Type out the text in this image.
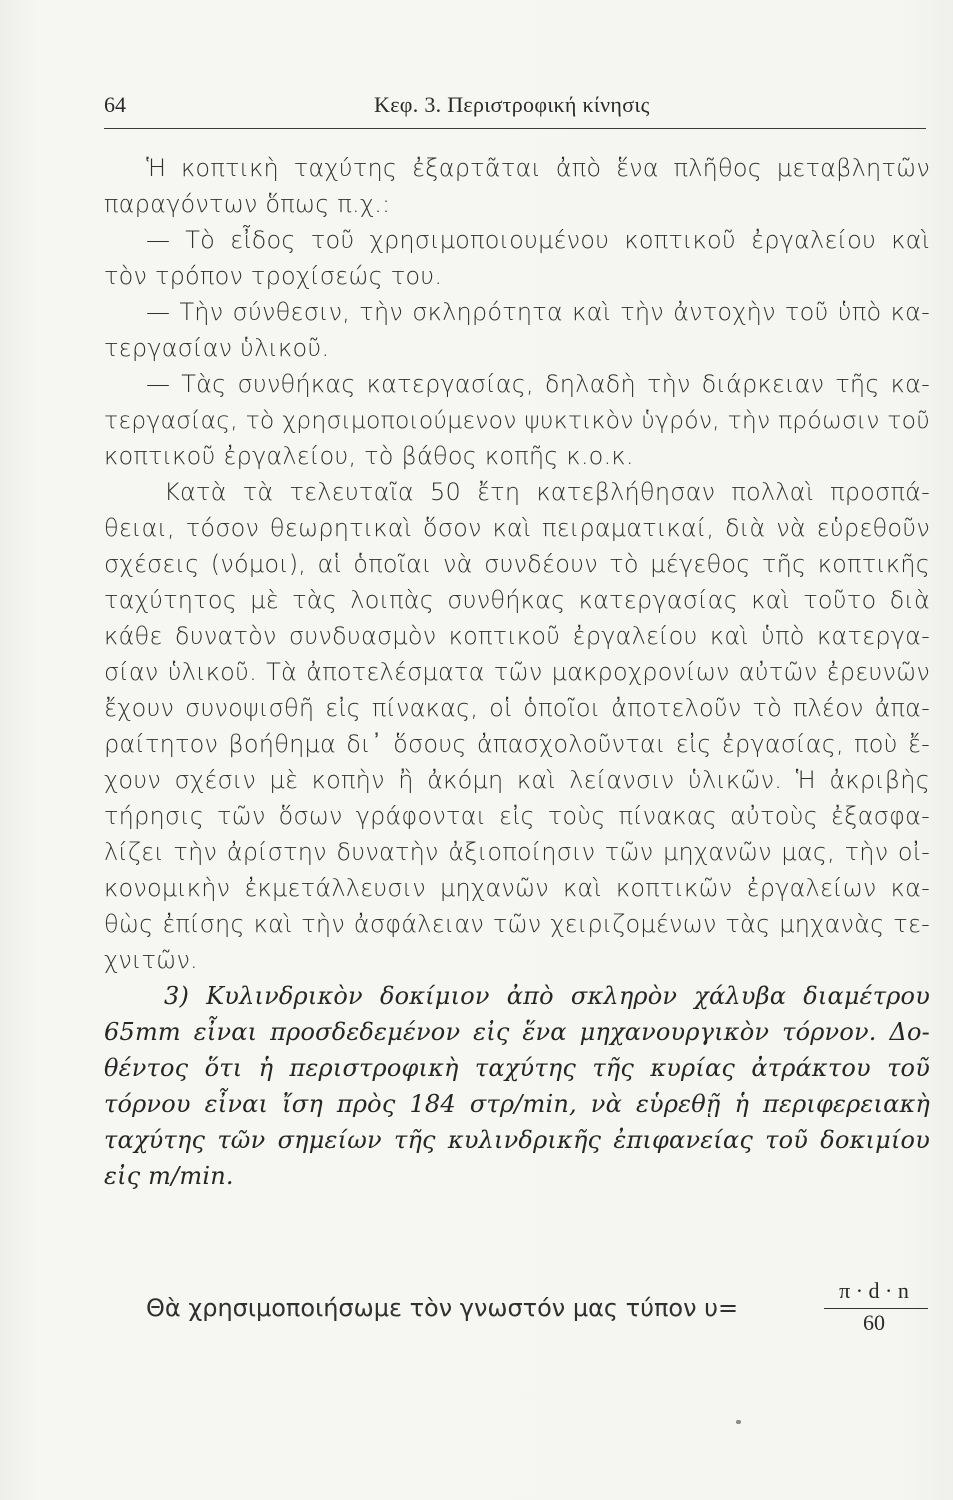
64	Κεφ. 3. Περιστροφική κίνησις
Ἡ κοπτικὴ ταχύτης ἐξαρτᾶται ἀπὸ ἕνα πλῆθος μεταβλητῶν
παραγόντων ὅπως π.χ.:
— Τὸ εἶδος τοῦ χρησιμοποιουμένου κοπτικοῦ ἐργαλείου καὶ
τὸν τρόπον τροχίσεώς του.
— Τὴν σύνθεσιν, τὴν σκληρότητα καὶ τὴν ἀντοχὴν τοῦ ὑπὸ κα-
τεργασίαν ὑλικοῦ.
— Τὰς συνθήκας κατεργασίας, δηλαδὴ τὴν διάρκειαν τῆς κα-
τεργασίας, τὸ χρησιμοποιούμενον ψυκτικὸν ὑγρόν, τὴν πρόωσιν τοῦ
κοπτικοῦ ἐργαλείου, τὸ βάθος κοπῆς κ.ο.κ.
Κατὰ τὰ τελευταῖα 50 ἔτη κατεβλήθησαν πολλαὶ προσπά-
θειαι, τόσον θεωρητικαὶ ὅσον καὶ πειραματικαί, διὰ νὰ εὑρεθοῦν
σχέσεις (νόμοι), αἱ ὁποῖαι νὰ συνδέουν τὸ μέγεθος τῆς κοπτικῆς
ταχύτητος μὲ τὰς λοιπὰς συνθήκας κατεργασίας καὶ τοῦτο διὰ
κάθε δυνατὸν συνδυασμὸν κοπτικοῦ ἐργαλείου καὶ ὑπὸ κατεργα-
σίαν ὑλικοῦ. Τὰ ἀποτελέσματα τῶν μακροχρονίων αὐτῶν ἐρευνῶν
ἔχουν συνοψισθῆ εἰς πίνακας, οἱ ὁποῖοι ἀποτελοῦν τὸ πλέον ἀπα-
ραίτητον βοήθημα δι᾿ ὅσους ἀπασχολοῦνται εἰς ἐργασίας, ποὺ ἔ-
χουν σχέσιν μὲ κοπὴν ἢ ἀκόμη καὶ λείανσιν ὑλικῶν. Ἡ ἀκριβὴς
τήρησις τῶν ὅσων γράφονται εἰς τοὺς πίνακας αὐτοὺς ἐξασφα-
λίζει τὴν ἀρίστην δυνατὴν ἀξιοποίησιν τῶν μηχανῶν μας, τὴν οἰ-
κονομικὴν ἐκμετάλλευσιν μηχανῶν καὶ κοπτικῶν ἐργαλείων κα-
θὼς ἐπίσης καὶ τὴν ἀσφάλειαν τῶν χειριζομένων τὰς μηχανὰς τε-
χνιτῶν.
3) Κυλινδρικὸν δοκίμιον ἀπὸ σκληρὸν χάλυβα διαμέτρου
65mm εἶναι προσδεδεμένον εἰς ἕνα μηχανουργικὸν τόρνον. Δο-
θέντος ὅτι ἡ περιστροφικὴ ταχύτης τῆς κυρίας ἀτράκτου τοῦ
τόρνου εἶναι ἴση πρὸς 184 στρ/min, νὰ εὑρεθῇ ἡ περιφερειακὴ
ταχύτης τῶν σημείων τῆς κυλινδρικῆς ἐπιφανείας τοῦ δοκιμίου
εἰς m/min.
Θὰ χρησιμοποιήσωμε τὸν γνωστόν μας τύπον υ=
π · d · n
60
